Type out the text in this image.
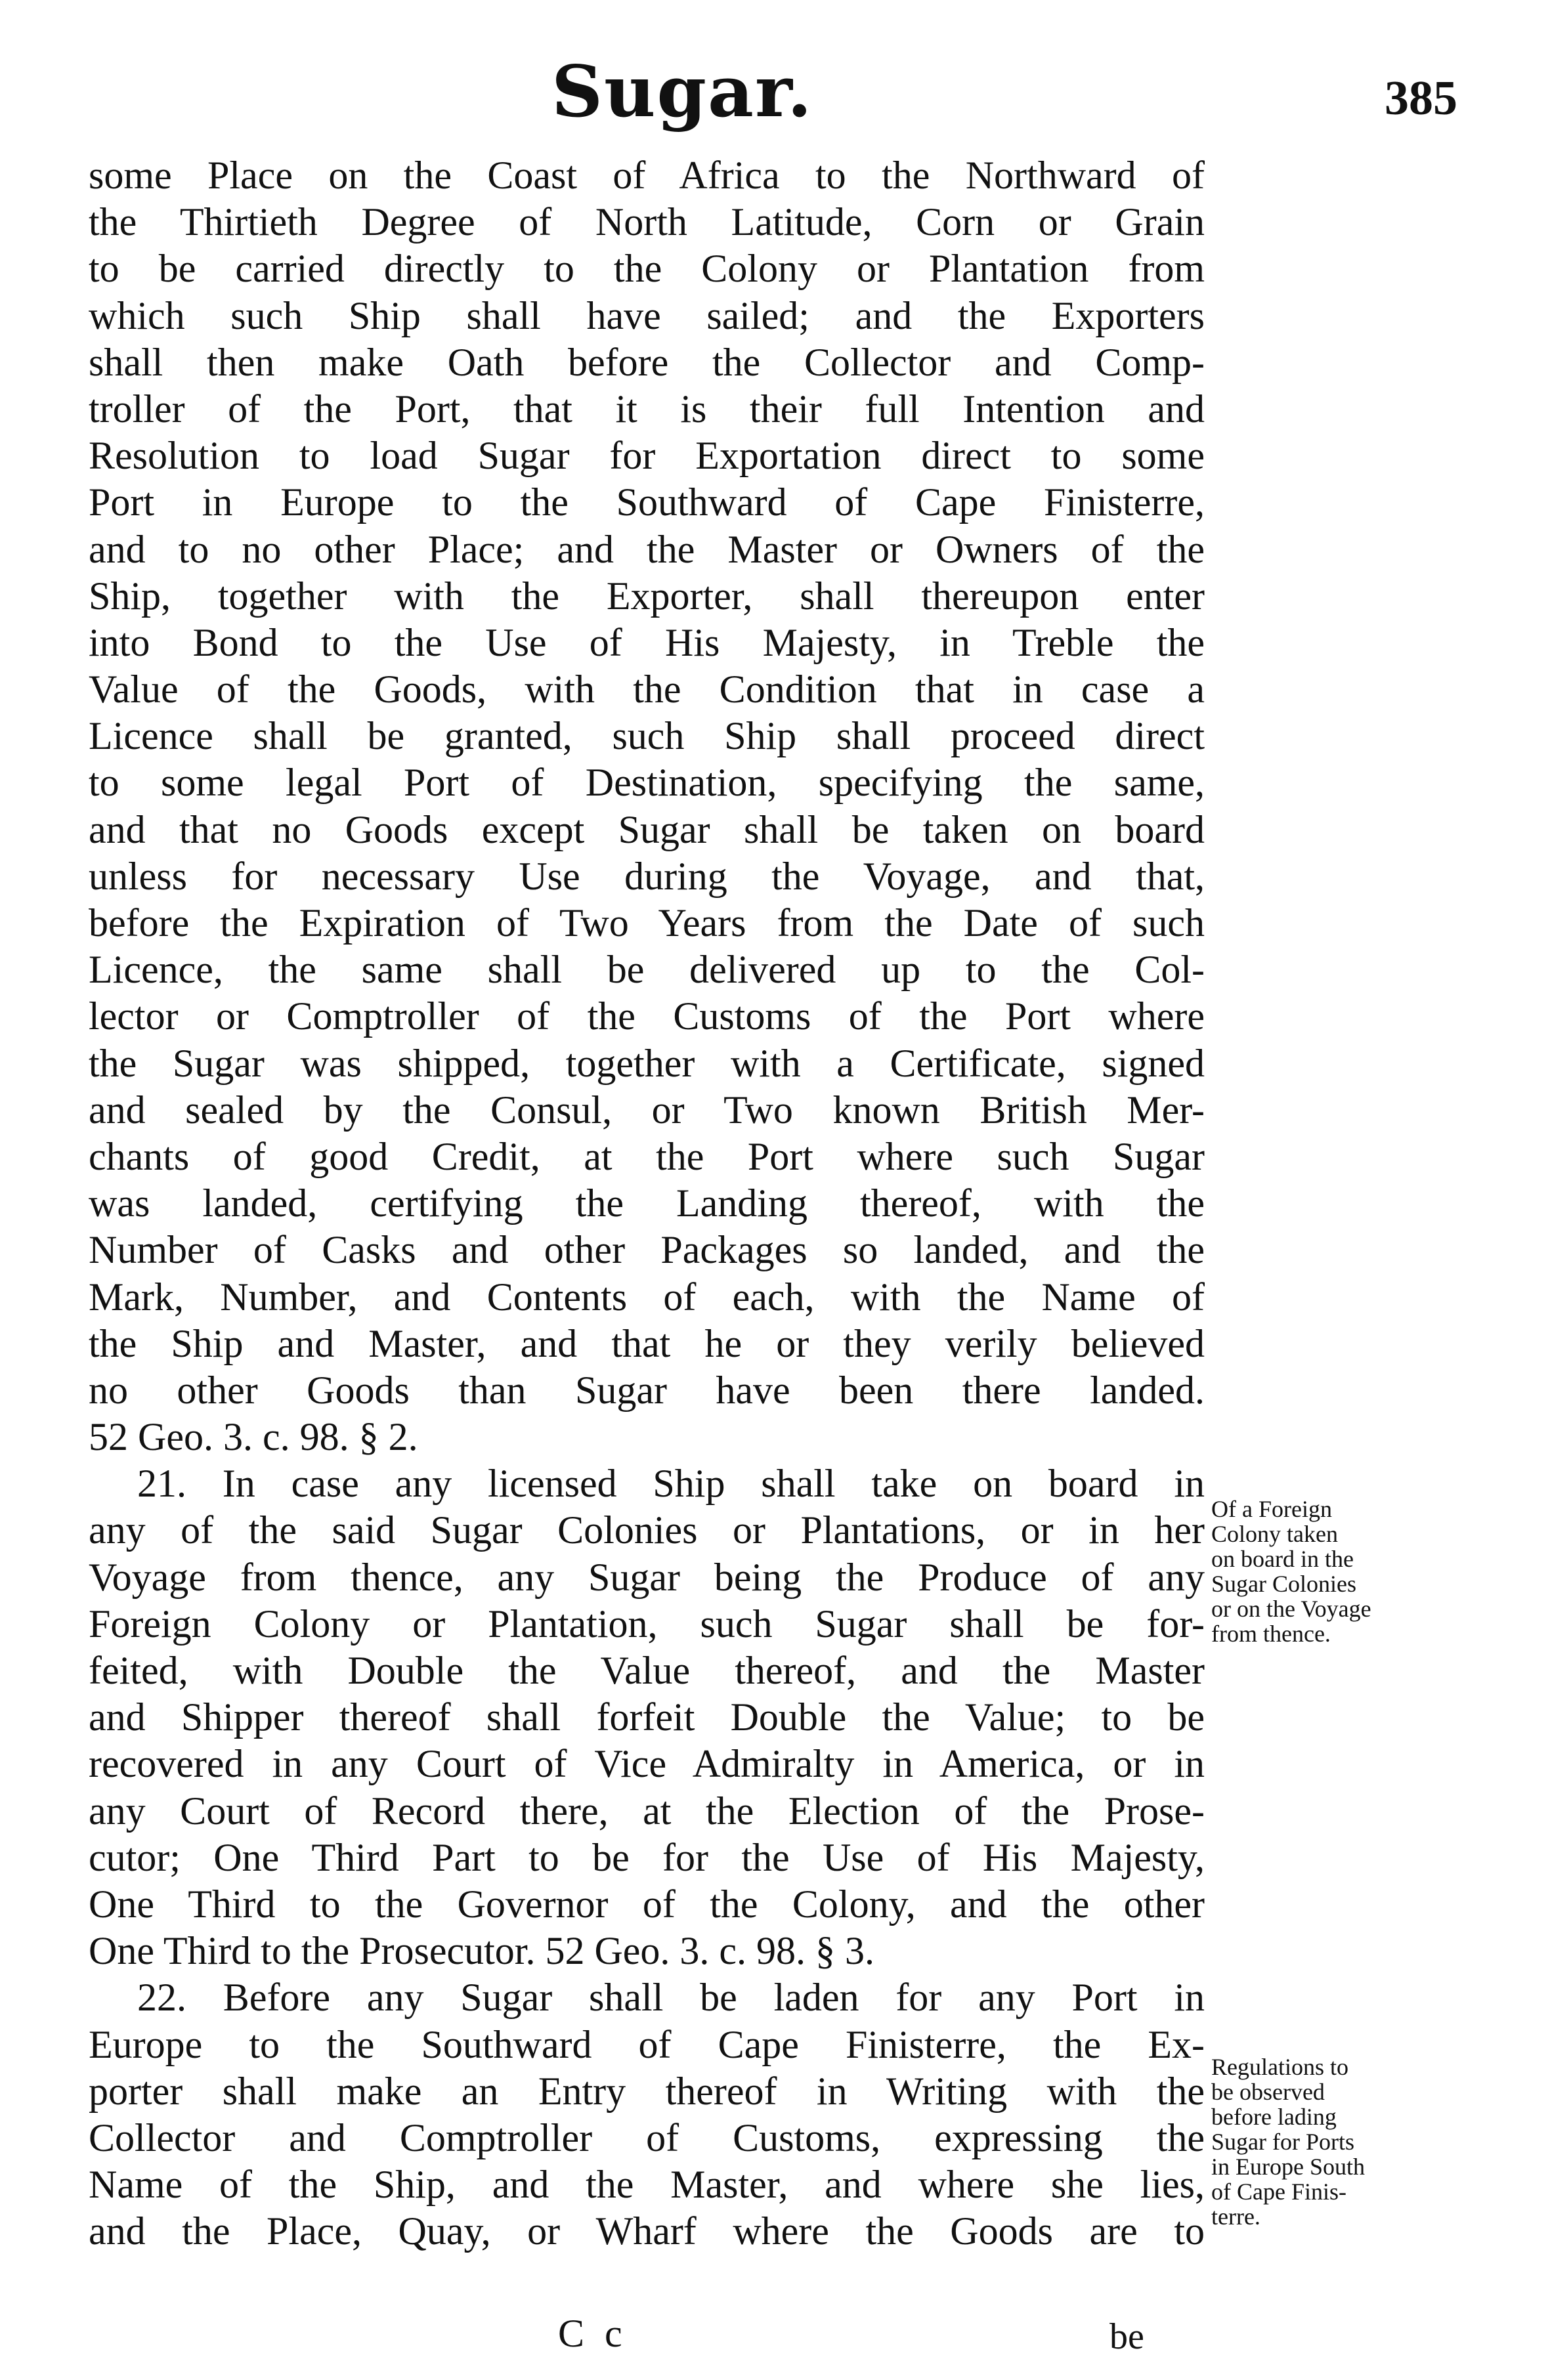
Sugar.	385
some Place on the Coast of Africa to the Northward of
the Thirtieth Degree of North Latitude, Corn or Grain
to be carried directly to the Colony or Plantation from
which such Ship shall have sailed; and the Exporters
shall then make Oath before the Collector and Comp-
troller of the Port, that it is their full Intention and
Resolution to load Sugar for Exportation direct to some
Port in Europe to the Southward of Cape Finisterre,
and to no other Place; and the Master or Owners of the
Ship, together with the Exporter, shall thereupon enter
into Bond to the Use of His Majesty, in Treble the
Value of the Goods, with the Condition that in case a
Licence shall be granted, such Ship shall proceed direct
to some legal Port of Destination, specifying the same,
and that no Goods except Sugar shall be taken on board
unless for necessary Use during the Voyage, and that,
before the Expiration of Two Years from the Date of such
Licence, the same shall be delivered up to the Col-
lector or Comptroller of the Customs of the Port where
the Sugar was shipped, together with a Certificate, signed
and sealed by the Consul, or Two known British Mer-
chants of good Credit, at the Port where such Sugar
was landed, certifying the Landing thereof, with the
Number of Casks and other Packages so landed, and the
Mark, Number, and Contents of each, with the Name of
the Ship and Master, and that he or they verily believed
no other Goods than Sugar have been there landed.
52 Geo. 3. c. 98. § 2.
21. In case any licensed Ship shall take on board in
any of the said Sugar Colonies or Plantations, or in her
Voyage from thence, any Sugar being the Produce of any
Foreign Colony or Plantation, such Sugar shall be for-
feited, with Double the Value thereof, and the Master
and Shipper thereof shall forfeit Double the Value; to be
recovered in any Court of Vice Admiralty in America, or in
any Court of Record there, at the Election of the Prose-
cutor; One Third Part to be for the Use of His Majesty,
One Third to the Governor of the Colony, and the other
One Third to the Prosecutor. 52 Geo. 3. c. 98. § 3.
22. Before any Sugar shall be laden for any Port in
Europe to the Southward of Cape Finisterre, the Ex-
porter shall make an Entry thereof in Writing with the
Collector and Comptroller of Customs, expressing the
Name of the Ship, and the Master, and where she lies,
and the Place, Quay, or Wharf where the Goods are to
Of a Foreign
Colony taken
on board in the
Sugar Colonies
or on the Voyage
from thence.
Regulations to
be observed
before lading
Sugar for Ports
in Europe South
of Cape Finis-
terre.
C c	be
